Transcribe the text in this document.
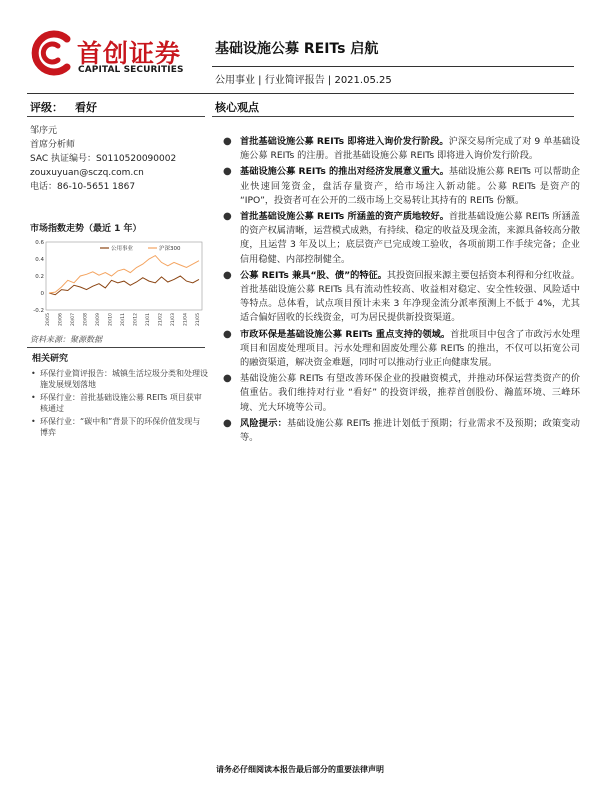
首创证券
CAPITAL SECURITIES
基础设施公募 REITs 启航
公用事业 | 行业简评报告 | 2021.05.25
评级： 看好	核心观点
邹序元
首席分析师
SAC 执证编号：S0110520090002
zouxuyuan@sczq.com.cn
电话：86-10-5651 1867
市场指数走势（最近 1 年）
0.6
0.4
0.2
0
-0.2
20/05 20/06 20/07 20/08 20/09 20/10 20/11 20/12 21/01 21/02 21/03 21/04 21/05
公用事业	沪深300
资料来源：聚源数据
相关研究
• 环保行业简评报告：城镇生活垃圾分类和处理设施发展规划落地
• 环保行业：首批基础设施公募 REITs 项目获审核通过
• 环保行业：“碳中和”背景下的环保价值发现与博弈
● 首批基础设施公募 REITs 即将进入询价发行阶段。沪深交易所完成了对 9 单基础设施公募 REITs 的注册。首批基础设施公募 REITs 即将进入询价发行阶段。
● 基础设施公募 REITs 的推出对经济发展意义重大。基础设施公募 REITs 可以帮助企业快速回笼资金，盘活存量资产，给市场注入新动能。公募 REITs 是资产的 “IPO”，投资者可在公开的二级市场上交易转让其持有的 REITs 份额。
● 首批基础设施公募 REITs 所涵盖的资产质地较好。首批基础设施公募 REITs 所涵盖的资产权属清晰，运营模式成熟，有持续、稳定的收益及现金流，来源具备较高分散度，且运营 3 年及以上；底层资产已完成竣工验收，各项前期工作手续完备；企业信用稳健、内部控制健全。
● 公募 REITs 兼具“股、债”的特征。其投资回报来源主要包括资本利得和分红收益。首批基础设施公募 REITs 具有流动性较高、收益相对稳定、安全性较强、风险适中等特点。总体看，试点项目预计未来 3 年净现金流分派率预测上不低于 4%，尤其适合偏好固收的长线资金，可为居民提供新投资渠道。
● 市政环保是基础设施公募 REITs 重点支持的领域。首批项目中包含了市政污水处理项目和固废处理项目。污水处理和固废处理公募 REITs 的推出，不仅可以拓宽公司的融资渠道，解决资金难题，同时可以推动行业正向健康发展。
● 基础设施公募 REITs 有望改善环保企业的投融资模式，并推动环保运营类资产的价值重估。我们维持对行业 “看好” 的投资评级，推荐首创股份、瀚蓝环境、三峰环境、光大环境等公司。
● 风险提示：基础设施公募 REITs 推进计划低于预期；行业需求不及预期；政策变动等。
请务必仔细阅读本报告最后部分的重要法律声明
